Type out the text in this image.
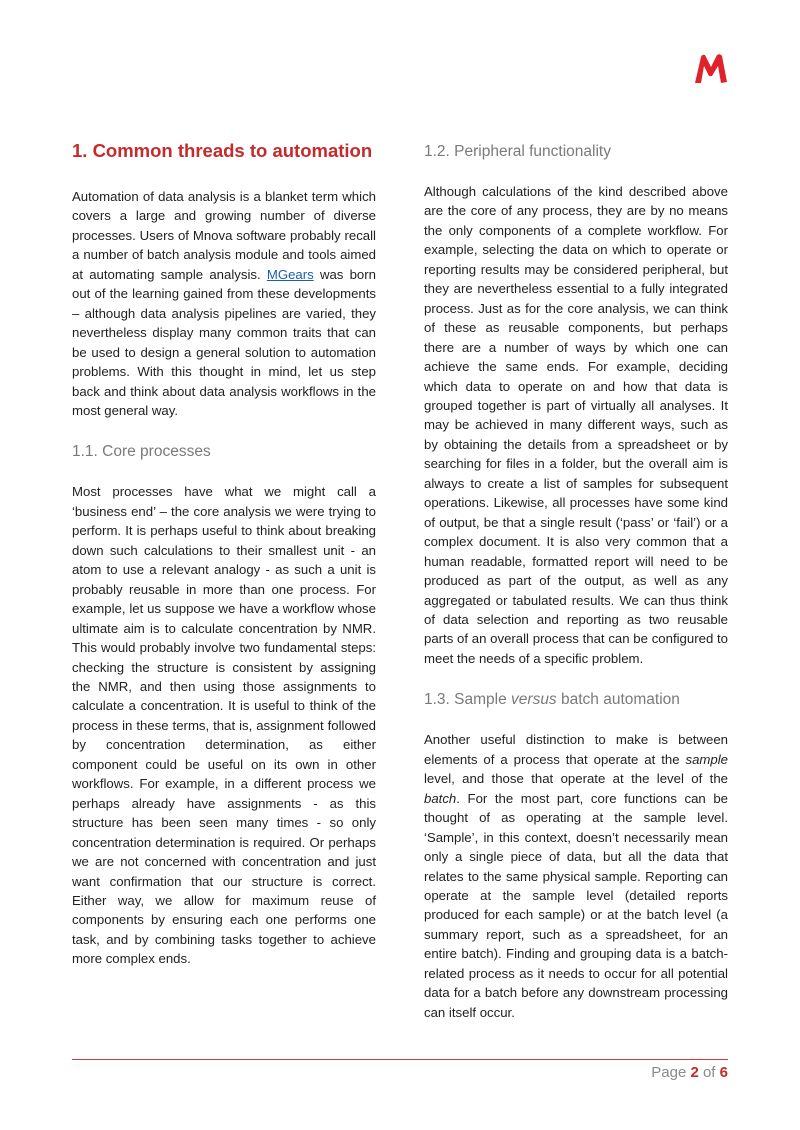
1. Common threads to automation

Automation of data analysis is a blanket term which covers a large and growing number of diverse processes. Users of Mnova software probably recall a number of batch analysis module and tools aimed at automating sample analysis. MGears was born out of the learning gained from these developments – although data analysis pipelines are varied, they nevertheless display many common traits that can be used to design a general solution to automation problems. With this thought in mind, let us step back and think about data analysis workflows in the most general way.

1.1. Core processes

Most processes have what we might call a ‘business end’ – the core analysis we were trying to perform. It is perhaps useful to think about breaking down such calculations to their smallest unit - an atom to use a relevant analogy - as such a unit is probably reusable in more than one process. For example, let us suppose we have a workflow whose ultimate aim is to calculate concentration by NMR. This would probably involve two fundamental steps: checking the structure is consistent by assigning the NMR, and then using those assignments to calculate a concentration. It is useful to think of the process in these terms, that is, assignment followed by concentration determination, as either component could be useful on its own in other workflows. For example, in a different process we perhaps already have assignments - as this structure has been seen many times - so only concentration determination is required. Or perhaps we are not concerned with concentration and just want confirmation that our structure is correct. Either way, we allow for maximum reuse of components by ensuring each one performs one task, and by combining tasks together to achieve more complex ends.

1.2. Peripheral functionality

Although calculations of the kind described above are the core of any process, they are by no means the only components of a complete workflow. For example, selecting the data on which to operate or reporting results may be considered peripheral, but they are nevertheless essential to a fully integrated process. Just as for the core analysis, we can think of these as reusable components, but perhaps there are a number of ways by which one can achieve the same ends. For example, deciding which data to operate on and how that data is grouped together is part of virtually all analyses. It may be achieved in many different ways, such as by obtaining the details from a spreadsheet or by searching for files in a folder, but the overall aim is always to create a list of samples for subsequent operations. Likewise, all processes have some kind of output, be that a single result (‘pass’ or ‘fail’) or a complex document. It is also very common that a human readable, formatted report will need to be produced as part of the output, as well as any aggregated or tabulated results. We can thus think of data selection and reporting as two reusable parts of an overall process that can be configured to meet the needs of a specific problem.

1.3. Sample versus batch automation

Another useful distinction to make is between elements of a process that operate at the sample level, and those that operate at the level of the batch. For the most part, core functions can be thought of as operating at the sample level. ‘Sample’, in this context, doesn’t necessarily mean only a single piece of data, but all the data that relates to the same physical sample. Reporting can operate at the sample level (detailed reports produced for each sample) or at the batch level (a summary report, such as a spreadsheet, for an entire batch). Finding and grouping data is a batch-related process as it needs to occur for all potential data for a batch before any downstream processing can itself occur.

Page 2 of 6
